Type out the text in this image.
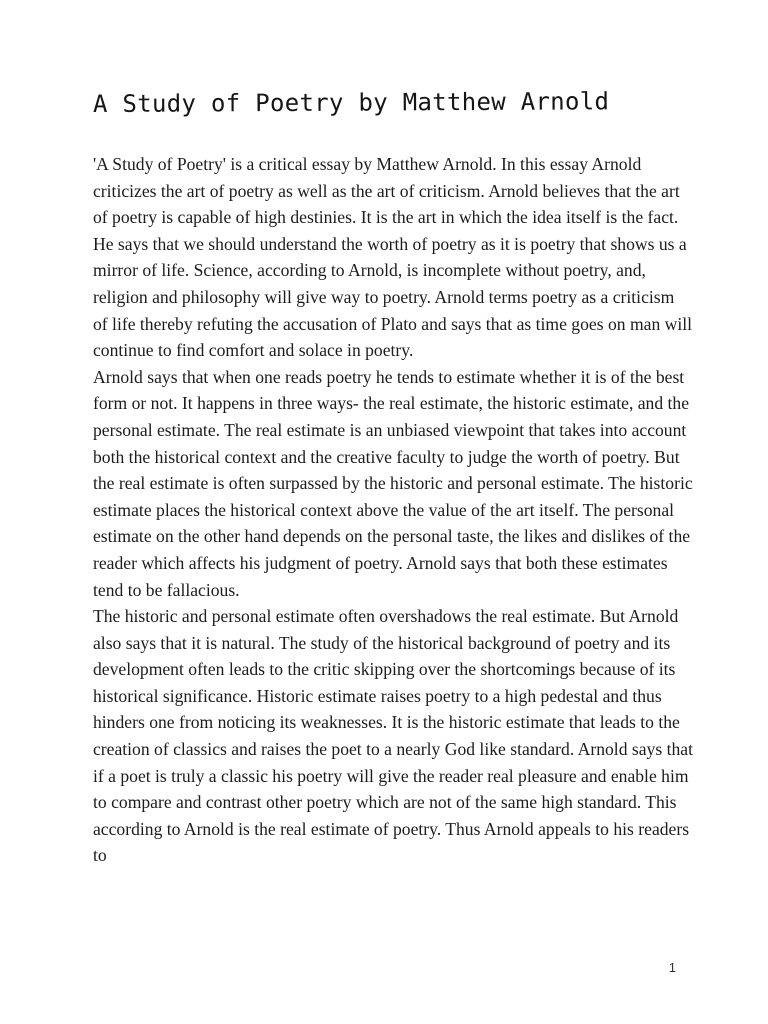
A Study of Poetry by Matthew Arnold

'A Study of Poetry' is a critical essay by Matthew Arnold. In this essay Arnold criticizes the art of poetry as well as the art of criticism. Arnold believes that the art of poetry is capable of high destinies. It is the art in which the idea itself is the fact. He says that we should understand the worth of poetry as it is poetry that shows us a mirror of life. Science, according to Arnold, is incomplete without poetry, and, religion and philosophy will give way to poetry. Arnold terms poetry as a criticism of life thereby refuting the accusation of Plato and says that as time goes on man will continue to find comfort and solace in poetry.

Arnold says that when one reads poetry he tends to estimate whether it is of the best form or not. It happens in three ways- the real estimate, the historic estimate, and the personal estimate. The real estimate is an unbiased viewpoint that takes into account both the historical context and the creative faculty to judge the worth of poetry. But the real estimate is often surpassed by the historic and personal estimate. The historic estimate places the historical context above the value of the art itself. The personal estimate on the other hand depends on the personal taste, the likes and dislikes of the reader which affects his judgment of poetry. Arnold says that both these estimates tend to be fallacious.

The historic and personal estimate often overshadows the real estimate. But Arnold also says that it is natural. The study of the historical background of poetry and its development often leads to the critic skipping over the shortcomings because of its historical significance. Historic estimate raises poetry to a high pedestal and thus hinders one from noticing its weaknesses. It is the historic estimate that leads to the creation of classics and raises the poet to a nearly God like standard. Arnold says that if a poet is truly a classic his poetry will give the reader real pleasure and enable him to compare and contrast other poetry which are not of the same high standard. This according to Arnold is the real estimate of poetry. Thus Arnold appeals to his readers to

1
